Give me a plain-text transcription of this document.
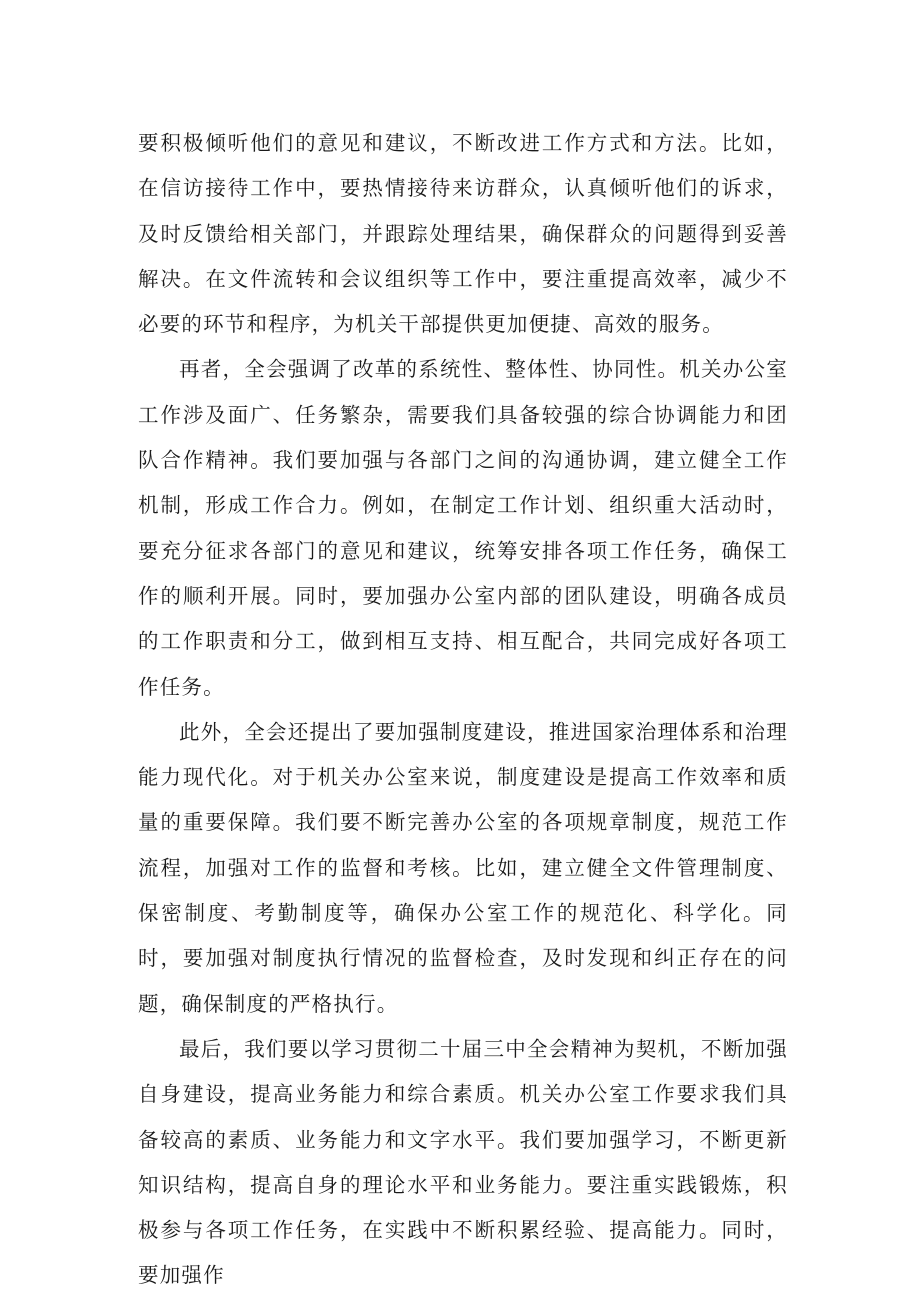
要积极倾听他们的意见和建议，不断改进工作方式和方法。比如，在信访接待工作中，要热情接待来访群众，认真倾听他们的诉求，及时反馈给相关部门，并跟踪处理结果，确保群众的问题得到妥善解决。在文件流转和会议组织等工作中，要注重提高效率，减少不必要的环节和程序，为机关干部提供更加便捷、高效的服务。

再者，全会强调了改革的系统性、整体性、协同性。机关办公室工作涉及面广、任务繁杂，需要我们具备较强的综合协调能力和团队合作精神。我们要加强与各部门之间的沟通协调，建立健全工作机制，形成工作合力。例如，在制定工作计划、组织重大活动时，要充分征求各部门的意见和建议，统筹安排各项工作任务，确保工作的顺利开展。同时，要加强办公室内部的团队建设，明确各成员的工作职责和分工，做到相互支持、相互配合，共同完成好各项工作任务。

此外，全会还提出了要加强制度建设，推进国家治理体系和治理能力现代化。对于机关办公室来说，制度建设是提高工作效率和质量的重要保障。我们要不断完善办公室的各项规章制度，规范工作流程，加强对工作的监督和考核。比如，建立健全文件管理制度、保密制度、考勤制度等，确保办公室工作的规范化、科学化。同时，要加强对制度执行情况的监督检查，及时发现和纠正存在的问题，确保制度的严格执行。

最后，我们要以学习贯彻二十届三中全会精神为契机，不断加强自身建设，提高业务能力和综合素质。机关办公室工作要求我们具备较高的素质、业务能力和文字水平。我们要加强学习，不断更新知识结构，提高自身的理论水平和业务能力。要注重实践锻炼，积极参与各项工作任务，在实践中不断积累经验、提高能力。同时，要加强作
